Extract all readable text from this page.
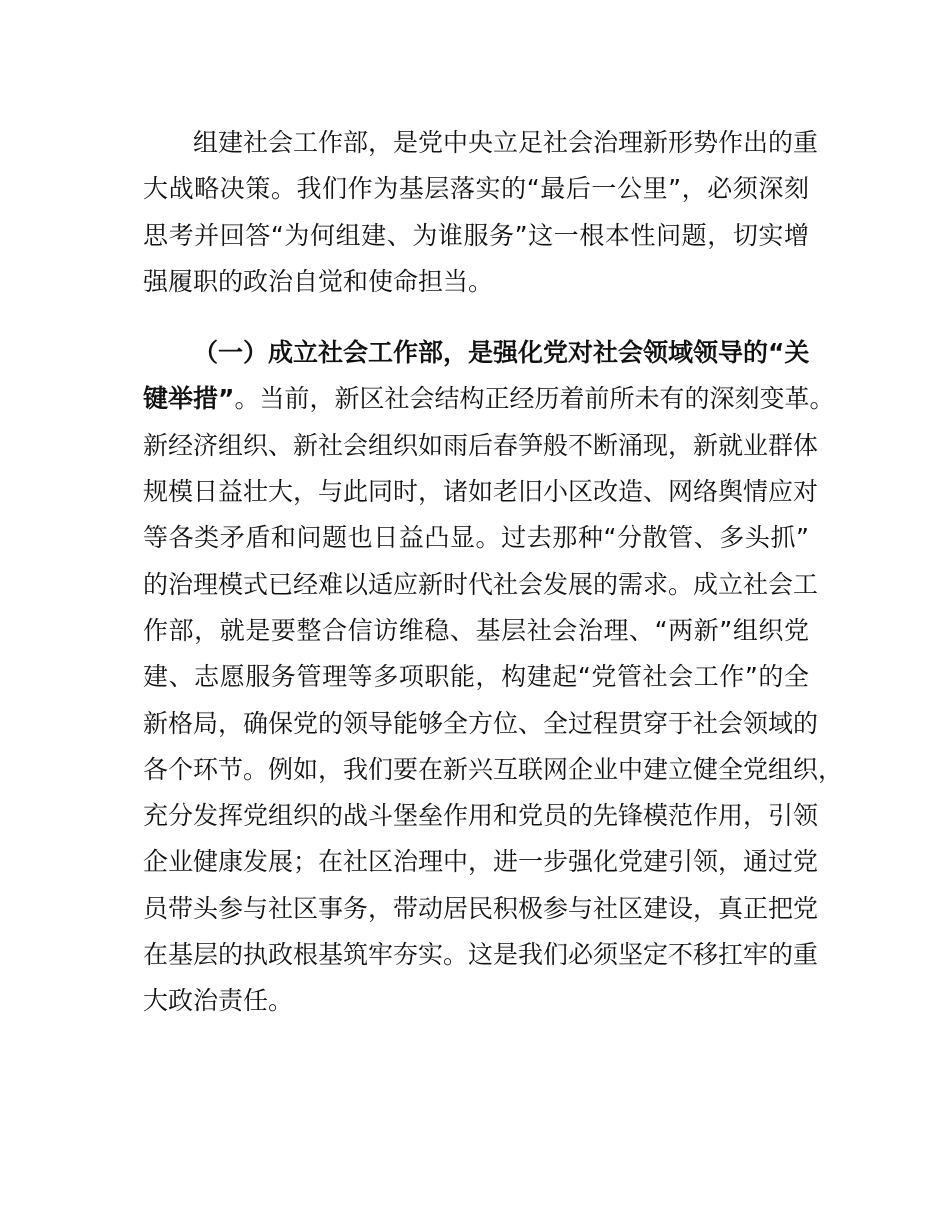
组建社会工作部，是党中央立足社会治理新形势作出的重
大战略决策。我们作为基层落实的“最后一公里”，必须深刻
思考并回答“为何组建、为谁服务”这一根本性问题，切实增
强履职的政治自觉和使命担当。
（一）成立社会工作部，是强化党对社会领域领导的“关
键举措”。当前，新区社会结构正经历着前所未有的深刻变革。
新经济组织、新社会组织如雨后春笋般不断涌现，新就业群体
规模日益壮大，与此同时，诸如老旧小区改造、网络舆情应对
等各类矛盾和问题也日益凸显。过去那种“分散管、多头抓”
的治理模式已经难以适应新时代社会发展的需求。成立社会工
作部，就是要整合信访维稳、基层社会治理、“两新”组织党
建、志愿服务管理等多项职能，构建起“党管社会工作”的全
新格局，确保党的领导能够全方位、全过程贯穿于社会领域的
各个环节。例如，我们要在新兴互联网企业中建立健全党组织，
充分发挥党组织的战斗堡垒作用和党员的先锋模范作用，引领
企业健康发展；在社区治理中，进一步强化党建引领，通过党
员带头参与社区事务，带动居民积极参与社区建设，真正把党
在基层的执政根基筑牢夯实。这是我们必须坚定不移扛牢的重
大政治责任。
